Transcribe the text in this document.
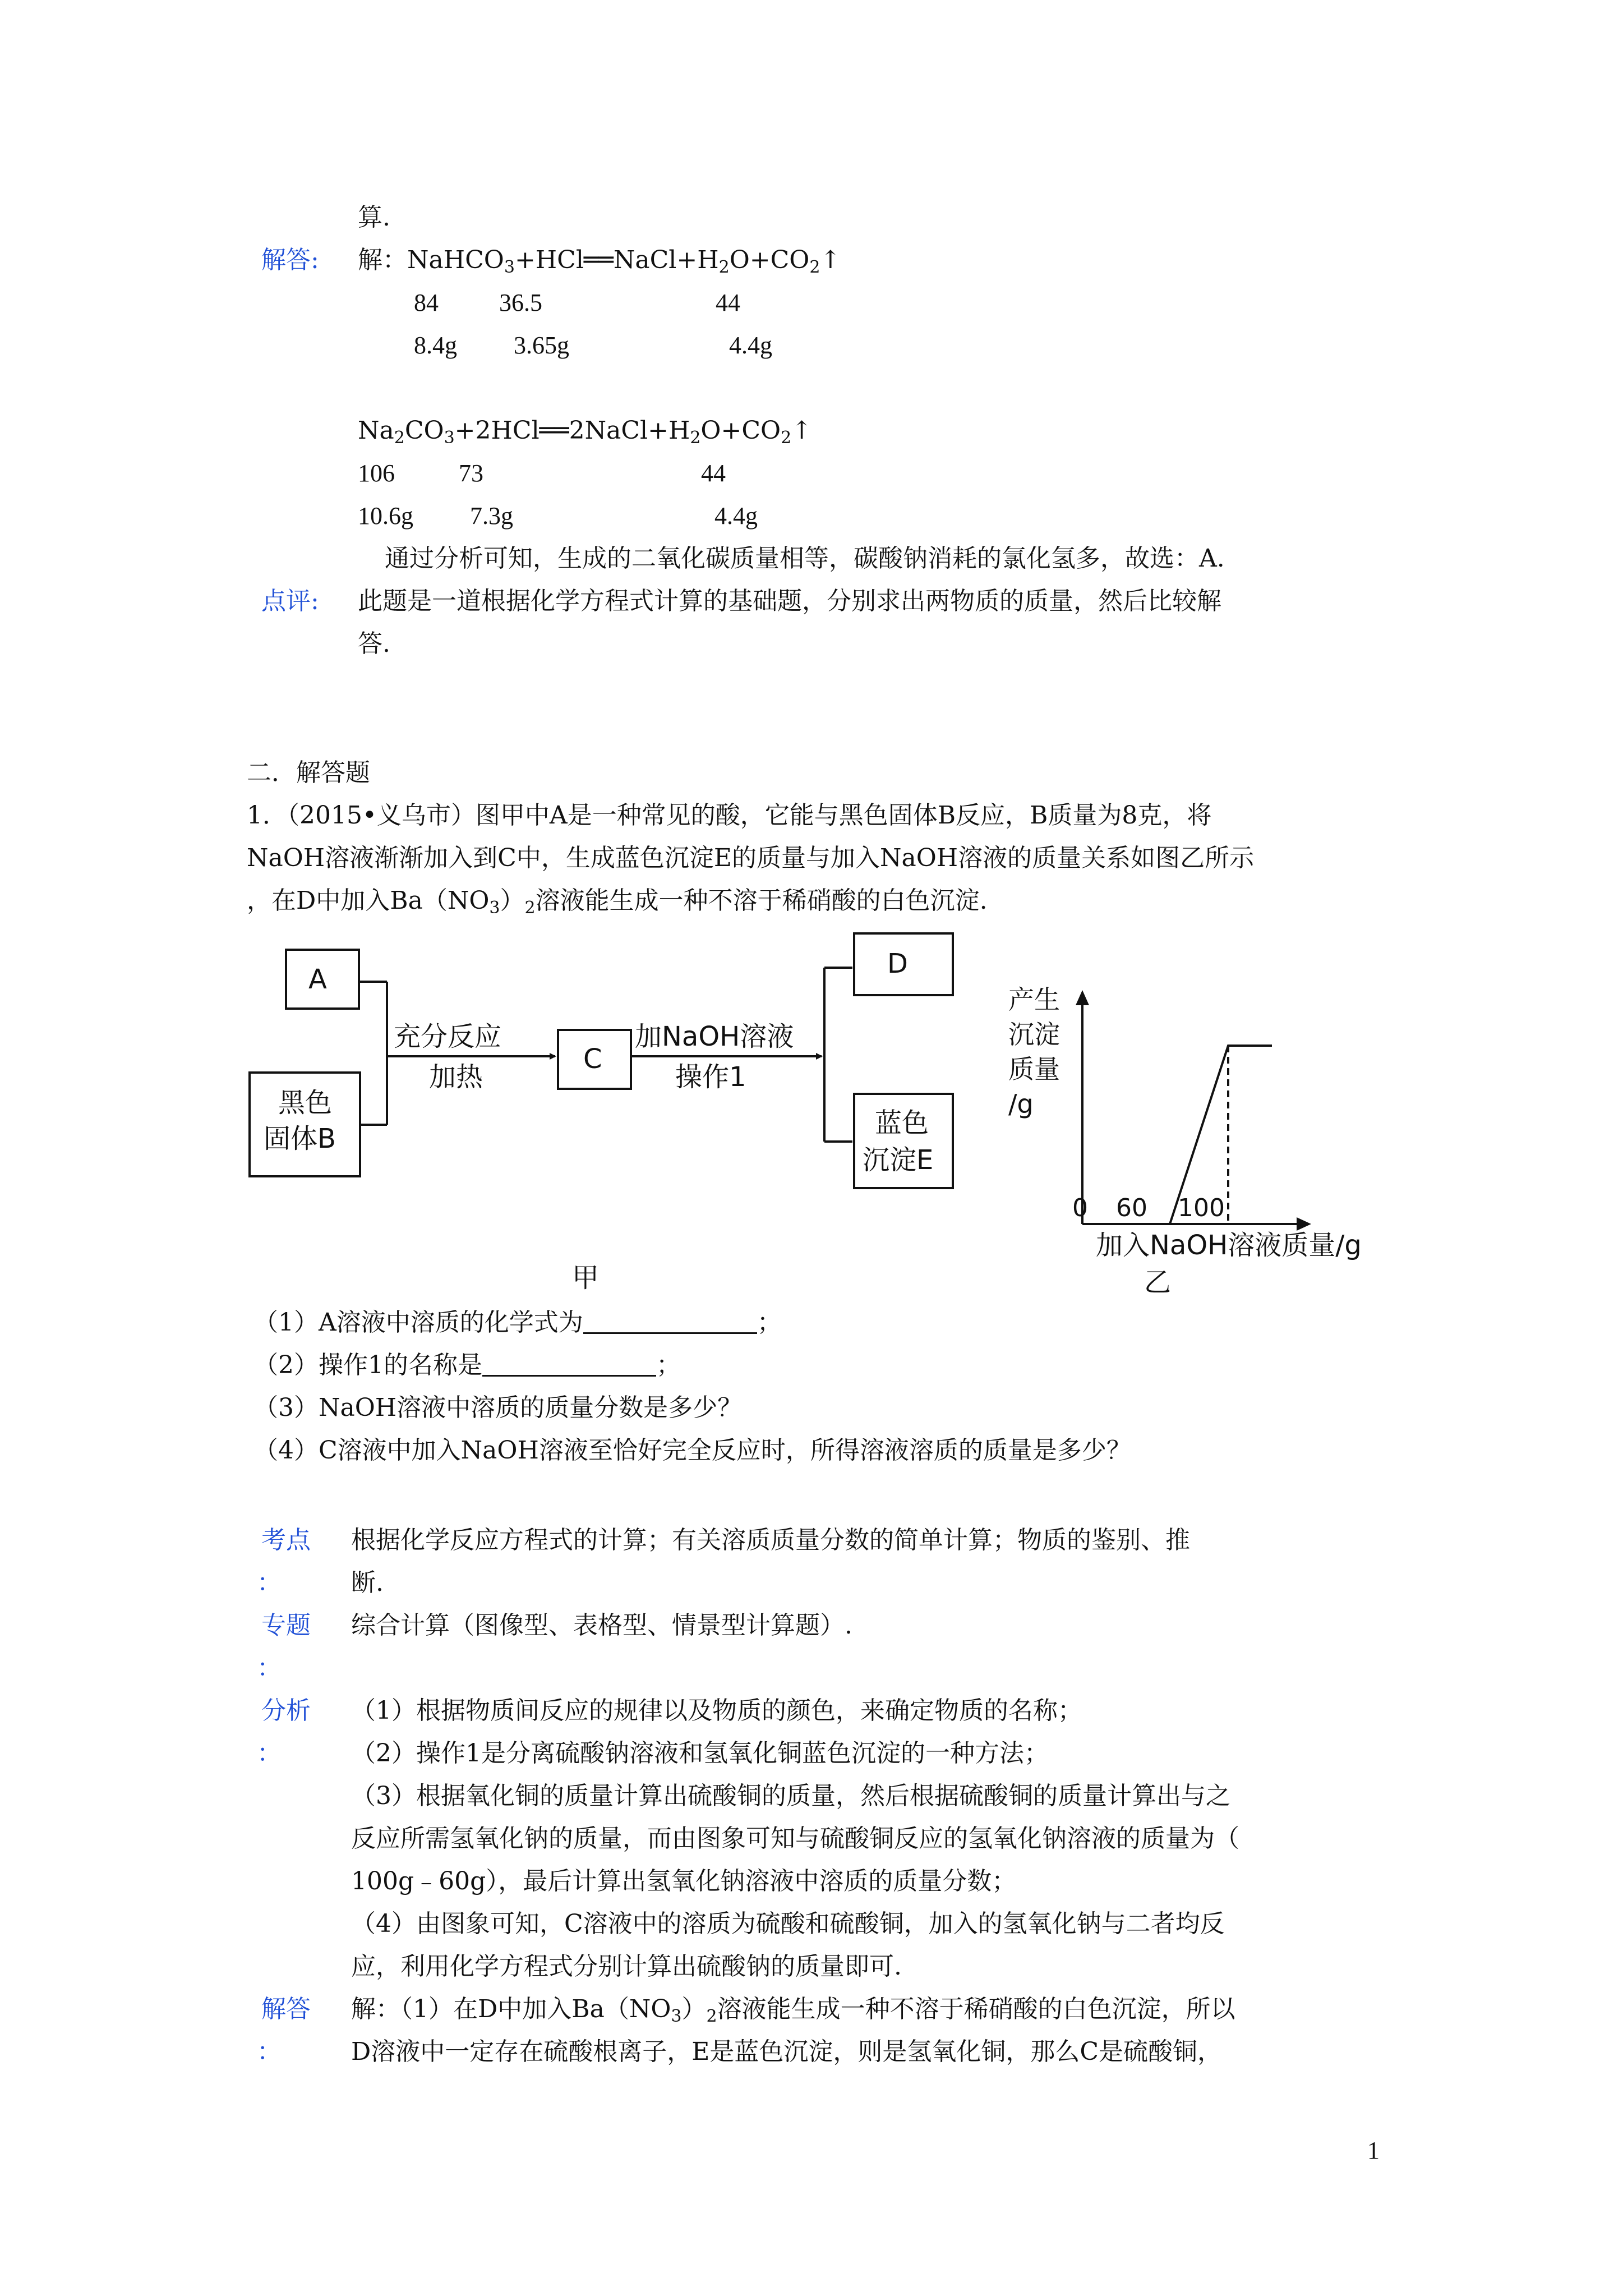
算.
解答: 解：$NaHCO_3+HCl══NaCl+H_2O+CO_2↑$
84 36.5	44
8.4g 3.65g	4.4g
$Na_2CO_3+2HCl══2NaCl+H_2O+CO_2↑$
106	73	44
10.6g 7.3g	4.4g
通过分析可知，生成的二氧化碳质量相等，碳酸钠消耗的氯化氢多，故选：A.
点评: 此题是一道根据化学方程式计算的基础题，分别求出两物质的质量，然后比较解
答.
二．解答题
1．（2015•义乌市）图甲中A是一种常见的酸，它能与黑色固体B反应，B质量为8克，将
NaOH溶液渐渐加入到C中，生成蓝色沉淀E的质量与加入NaOH溶液的质量关系如图乙所示
，在D中加入$Ba(NO_3)_2$溶液能生成一种不溶于稀硝酸的白色沉淀.
A
黑色
固体B
充分反应
加热
C
加NaOH溶液
操作1
D
蓝色
沉淀E
甲
产生
沉淀
质量
/g
0 60 100
加入NaOH溶液质量/g
乙
（1）A溶液中溶质的化学式为	；
（2）操作1的名称是	；
（3）NaOH溶液中溶质的质量分数是多少？
（4）C溶液中加入NaOH溶液至恰好完全反应时，所得溶液溶质的质量是多少？
考点
：
根据化学反应方程式的计算；有关溶质质量分数的简单计算；物质的鉴别、推
断.
专题
：
综合计算（图像型、表格型、情景型计算题）.
分析
：
（1）根据物质间反应的规律以及物质的颜色，来确定物质的名称；
（2）操作1是分离硫酸钠溶液和氢氧化铜蓝色沉淀的一种方法；
（3）根据氧化铜的质量计算出硫酸铜的质量，然后根据硫酸铜的质量计算出与之
反应所需氢氧化钠的质量，而由图象可知与硫酸铜反应的氢氧化钠溶液的质量为（
100g﹣60g），最后计算出氢氧化钠溶液中溶质的质量分数；
（4）由图象可知，C溶液中的溶质为硫酸和硫酸铜，加入的氢氧化钠与二者均反
应，利用化学方程式分别计算出硫酸钠的质量即可.
解答
：
解：（1）在D中加入$Ba(NO_3)_2$溶液能生成一种不溶于稀硝酸的白色沉淀，所以
D溶液中一定存在硫酸根离子，E是蓝色沉淀，则是氢氧化铜，那么C是硫酸铜，
1
